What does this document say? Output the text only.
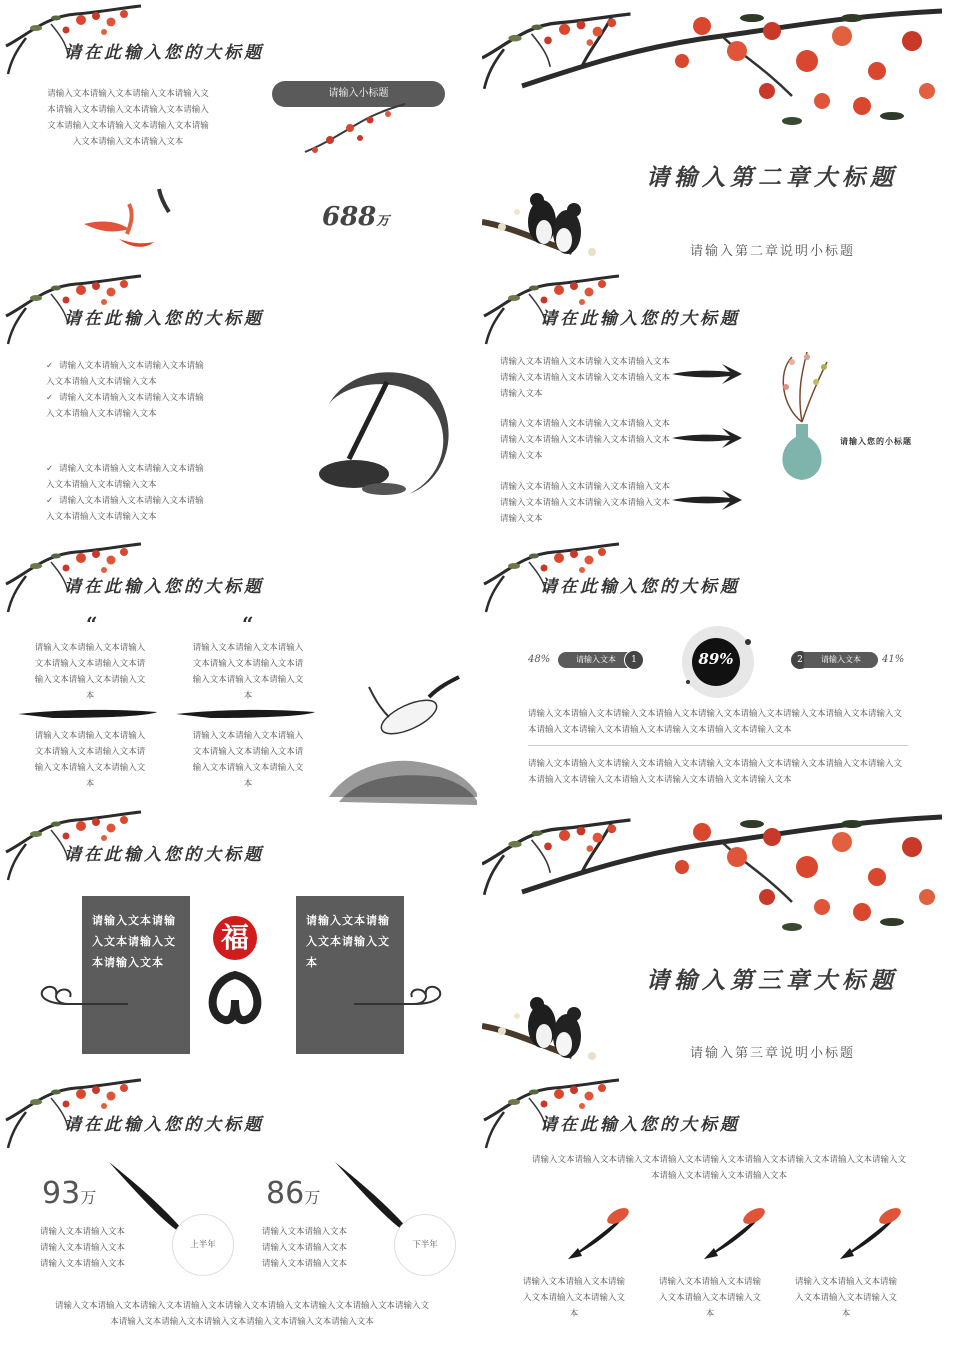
请在此输入您的大标题
请输入文本请输入文本请输入文本请输入文本请输入文本请输入文本请输入文本请输入文本请输入文本请输入文本请输入文本请输入文本请输入文本请输入文本
请输入小标题
688万
请输入第二章大标题
请输入第二章说明小标题
请在此输入您的大标题
✓ 请输入文本请输入文本请输入文本请输入文本请输入文本请输入文本
✓ 请输入文本请输入文本请输入文本请输入文本请输入文本请输入文本
✓ 请输入文本请输入文本请输入文本请输入文本请输入文本请输入文本
✓ 请输入文本请输入文本请输入文本请输入文本请输入文本请输入文本
请在此输入您的大标题
请输入文本请输入文本请输入文本请输入文本请输入文本请输入文本请输入文本请输入文本请输入文本
请输入文本请输入文本请输入文本请输入文本请输入文本请输入文本请输入文本请输入文本请输入文本
请输入文本请输入文本请输入文本请输入文本请输入文本请输入文本请输入文本请输入文本请输入文本
请输入您的小标题
请在此输入您的大标题
“	“
请输入文本请输入文本请输入文本请输入文本请输入文本请输入文本请输入文本请输入文本
请输入文本请输入文本请输入文本请输入文本请输入文本请输入文本请输入文本请输入文本
请输入文本请输入文本请输入文本请输入文本请输入文本请输入文本请输入文本请输入文本
请输入文本请输入文本请输入文本请输入文本请输入文本请输入文本请输入文本请输入文本
请在此输入您的大标题
48%	请输入文本	1	89%	2	请输入文本	41%
请输入文本请输入文本请输入文本请输入文本请输入文本请输入文本请输入文本请输入文本请输入文本请输入文本请输入文本请输入文本请输入文本请输入文本请输入文本
请输入文本请输入文本请输入文本请输入文本请输入文本请输入文本请输入文本请输入文本请输入文本请输入文本请输入文本请输入文本请输入文本请输入文本请输入文本
请在此输入您的大标题
请输入文本请输入文本请输入文本请输入文本
请输入文本请输入文本请输入文本
福
请输入第三章大标题
请输入第三章说明小标题
请在此输入您的大标题
93万
请输入文本请输入文本请输入文本请输入文本请输入文本请输入文本
上半年
86万
请输入文本请输入文本请输入文本请输入文本请输入文本请输入文本
下半年
请输入文本请输入文本请输入文本请输入文本请输入文本请输入文本请输入文本请输入文本请输入文本请输入文本请输入文本请输入文本请输入文本请输入文本请输入文本
请在此输入您的大标题
请输入文本请输入文本请输入文本请输入文本请输入文本请输入文本请输入文本请输入文本请输入文本请输入文本请输入文本请输入文本
请输入文本请输入文本请输入文本请输入文本请输入文本
请输入文本请输入文本请输入文本请输入文本请输入文本
请输入文本请输入文本请输入文本请输入文本请输入文本
